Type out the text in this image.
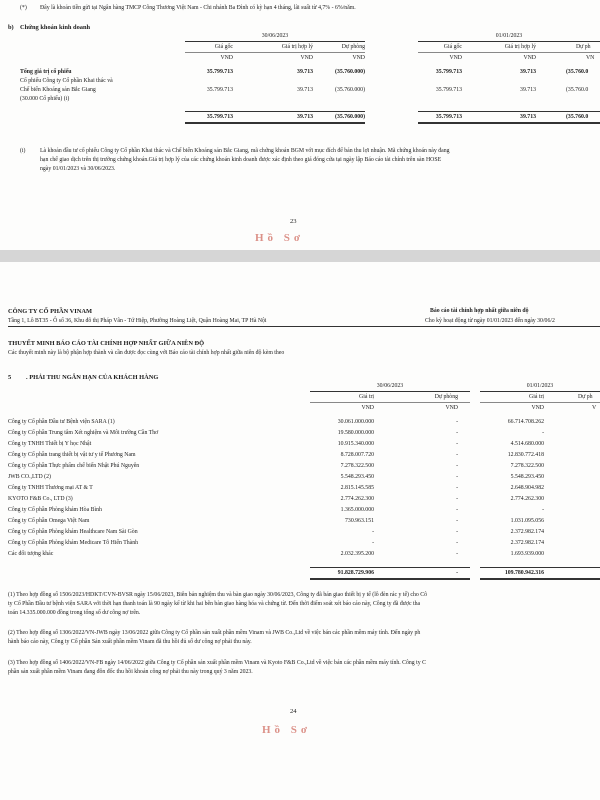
(*) Đây là khoản tiền gửi tại Ngân hàng TMCP Công Thương Việt Nam - Chi nhánh Ba Đình có kỳ hạn 4 tháng, lãi suất từ 4,7% - 6%/năm.
b) Chứng khoán kinh doanh
30/06/2023	01/01/2023
Giá gốc	Giá trị hợp lý	Dự phòng	Giá gốc	Giá trị hợp lý	Dự ph
VND	VND	VND	VND	VND	VN
Tổng giá trị cổ phiếu	35.799.713	39.713	(35.760.000)	35.799.713	39.713	(35.760.0
Cổ phiếu Công ty Cổ phần Khai thác và
Chế biến Khoáng sản Bắc Giang	35.799.713	39.713	(35.760.000)	35.799.713	39.713	(35.760.0
(30.000 Cổ phiếu) (i)
35.799.713	39.713	(35.760.000)	35.799.713	39.713	(35.760.0
(i)	Là khoản đầu tư cổ phiếu Công ty Cổ phần Khai thác và Chế biến Khoáng sản Bắc Giang, mã chứng khoán BGM với mục đích để bán thu lợi nhuận. Mã chứng khoán này đang
hạn chế giao dịch trên thị trường chứng khoán.Giá trị hợp lý của các chứng khoán kinh doanh được xác định theo giá đóng cửa tại ngày lập Báo cáo tài chính trên sàn HOSE
ngày 01/01/2023 và 30/06/2023.
23
Hồ Sơ
CÔNG TY CỔ PHẦN VINAM	Báo cáo tài chính hợp nhất giữa niên độ
Tầng 1, Lô BT35 - Ô số 36, Khu đô thị Pháp Vân - Tứ Hiệp, Phường Hoàng Liệt, Quận Hoàng Mai, TP Hà Nội	Cho kỳ hoạt động từ ngày 01/01/2023 đến ngày 30/06/2
THUYẾT MINH BÁO CÁO TÀI CHÍNH HỢP NHẤT GIỮA NIÊN ĐỘ
Các thuyết minh này là bộ phận hợp thành và cần được đọc cùng với Báo cáo tài chính hợp nhất giữa niên độ kèm theo
5 . PHẢI THU NGẮN HẠN CỦA KHÁCH HÀNG
30/06/2023	01/01/2023
Giá trị	Dự phòng	Giá trị	Dự ph
VND	VND	VND	V
Công ty Cổ phần Đầu tư Bệnh viện SARA (1)	30.061.000.000	-	66.714.708.262
Công ty Cổ phần Trung tâm Xét nghiệm và Môi trường Cần Thơ	19.580.000.000	-	-
Công ty TNHH Thiết bị Y học Nhật	10.915.340.000	-	4.514.680.000
Công ty Cổ phần trang thiết bị vật tư y tế Phương Nam	8.728.007.720	-	12.830.772.418
Công ty Cổ phần Thực phẩm chế biến Nhật Phú Nguyên	7.278.322.500	-	7.278.322.500
JWB CO.,LTD (2)	5.548.293.450	-	5.548.293.450
Công ty TNHH Thương mại AT & T	2.815.145.585	-	2.648.904.982
KYOTO F&B Co., LTD (3)	2.774.262.300	-	2.774.262.300
Công ty Cổ phần Phòng khám Hòa Bình	1.365.000.000	-	-
Công ty Cổ phần Omega Việt Nam	730.963.151	-	1.031.095.056
Công ty Cổ phần Phòng khám Healthcare Nam Sài Gòn	-	-	2.372.982.174
Công ty Cổ phần Phòng khám Medicare Tô Hiến Thành	-	-	2.372.982.174
Các đối tượng khác	2.032.395.200	-	1.693.939.000
91.828.729.906	-	109.780.942.316
(1) Theo hợp đồng số 1506/2023/HDKT/CVN-BVSR ngày 15/06/2023, Biên bản nghiệm thu và bàn giao ngày 30/06/2023, Công ty đã bán giao thiết bị y tế (lô đèn rác y tế) cho Cô
ty Cổ Phần Đầu tư bệnh viện SARA với thời hạn thanh toán là 90 ngày kể từ khi hai bên bàn giao hàng hóa và chứng từ. Đến thời điểm soát xét báo cáo này, Công ty đã được tha
toán 14.335.000.000 đồng trong tổng số dư công nợ trên.
(2) Theo hợp đồng số 1306/2022/VN-JWB ngày 13/06/2022 giữa Công ty Cổ phần sản xuất phần mềm Vinam và JWB Co.,Ltd về việc bán các phần mềm máy tính. Đến ngày ph
hành báo cáo này, Công ty Cổ phần Sản xuất phần mềm Vinam đã thu hồi đủ số dư công nợ phải thu này.
(3) Theo hợp đồng số 1406/2022/VN-FB ngày 14/06/2022 giữa Công ty Cổ phần sản xuất phần mềm Vinam và Kyoto F&B Co.,Ltd về việc bán các phần mềm máy tính. Công ty C
phần sản xuất phần mềm Vinam đang đôn đốc thu hồi khoản công nợ phải thu này trong quý 3 năm 2023.
24
Hồ Sơ
